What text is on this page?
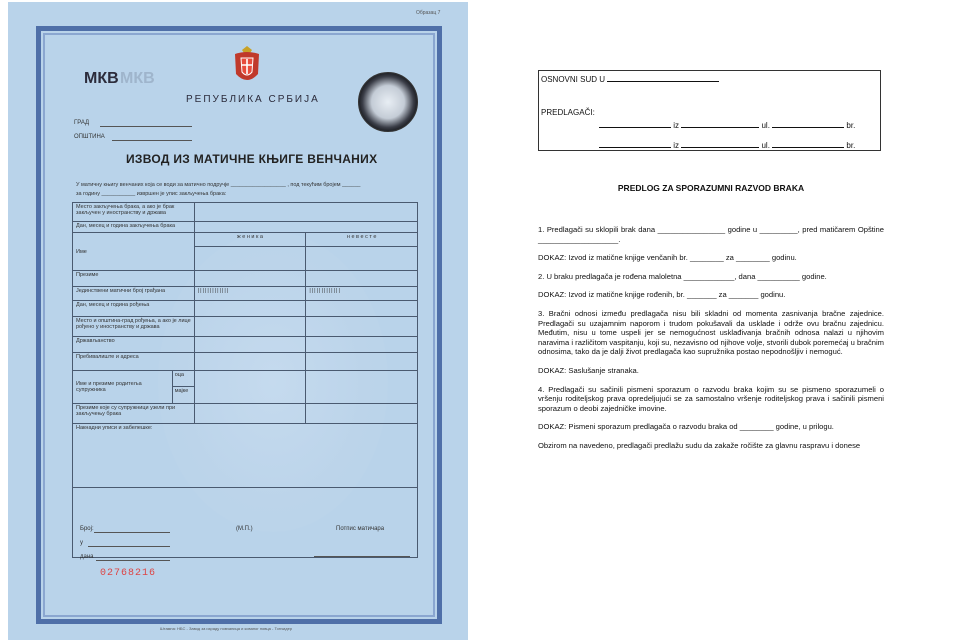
Образац 7
МКВ МКВ
РЕПУБЛИКА СРБИЈА
ГРАД
ОПШТИНА
ИЗВОД ИЗ МАТИЧНЕ КЊИГЕ ВЕНЧАНИХ
У матичну књигу венчаних која се води за матично подручје __________________ , под текућим бројем ______
за годину ___________ извршен је упис закључења брака:
Место закључења брака, а ако је брак закључен у иностранству и држава		
Дан, месец и година закључења брака		
Име	ж е н и к а	н е в е с т е

Презиме		
Јединствени матични број грађана	|||||||||||||	|||||||||||||
Дан, месец и година рођења		
Место и општина-град рођења, а ако је лице рођено у иностранству и држава		
Држављанство		
Пребивалиште и адреса		

Име и презиме родитеља супружника
оца
мајке		

Презиме које су супружници узели при закључењу брака		
Накнадни уписи и забелешке:		

Број:
у
дана
(М.П.)	Потпис матичара
02768216
Штампа: НБС - Завод за израду новчаница и кованог новца - Топчидер
OSNOVNI SUD U
PREDLAGAČI:
iz	ul.	br.
iz	ul.	br.
PREDLOG ZA SPORAZUMNI RAZVOD BRAKA

1. Predlagači su sklopili brak dana ________________ godine u _________, pred matičarem Opštine ___________________.

DOKAZ: Izvod iz matične knjige venčanih br. ________ za ________ godinu.

2. U braku predlagača je rođena maloletna ____________, dana __________ godine.

DOKAZ: Izvod iz matične knjige rođenih, br. _______ za _______ godinu.

3. Bračni odnosi između predlagača nisu bili skladni od momenta zasnivanja bračne zajednice. Predlagači su uzajamnim naporom i trudom pokušavali da usklade i održe ovu bračnu zajednicu. Međutim, nisu u tome uspeli jer se nemogućnost usklađivanja bračnih odnosa nalazi u njihovim naravima i različitom vaspitanju, koji su, nezavisno od njihove volje, stvorili dubok poremećaj u bračnim odnosima, tako da je dalji život predlagača kao supružnika postao nepodnošljiv i nemoguć.

DOKAZ: Saslušanje stranaka.

4. Predlagači su sačinili pismeni sporazum o razvodu braka kojim su se pismeno sporazumeli o vršenju roditeljskog prava opredeljujući se za samostalno vršenje roditeljskog prava i sačinili pismeni sporazum o deobi zajedničke imovine.

DOKAZ: Pismeni sporazum predlagača o razvodu braka od ________ godine, u prilogu.

Obzirom na navedeno, predlagači predlažu sudu da zakaže ročište za glavnu raspravu i donese
